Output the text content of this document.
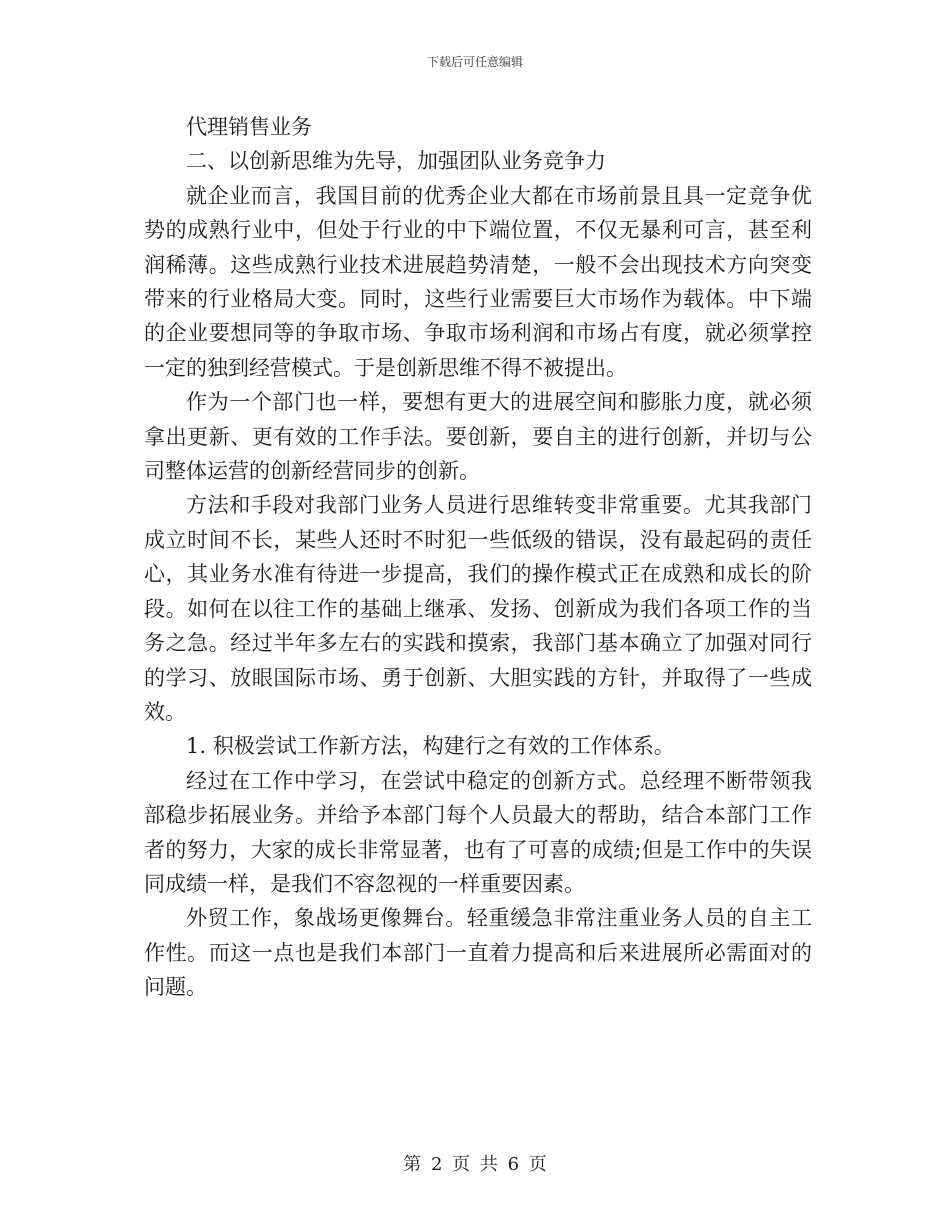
下载后可任意编辑

代理销售业务

二、以创新思维为先导，加强团队业务竞争力

就企业而言，我国目前的优秀企业大都在市场前景且具一定竞争优势的成熟行业中，但处于行业的中下端位置，不仅无暴利可言，甚至利润稀薄。这些成熟行业技术进展趋势清楚，一般不会出现技术方向突变带来的行业格局大变。同时，这些行业需要巨大市场作为载体。中下端的企业要想同等的争取市场、争取市场利润和市场占有度，就必须掌控一定的独到经营模式。于是创新思维不得不被提出。

作为一个部门也一样，要想有更大的进展空间和膨胀力度，就必须拿出更新、更有效的工作手法。要创新，要自主的进行创新，并切与公司整体运营的创新经营同步的创新。

方法和手段对我部门业务人员进行思维转变非常重要。尤其我部门成立时间不长，某些人还时不时犯一些低级的错误，没有最起码的责任心，其业务水准有待进一步提高，我们的操作模式正在成熟和成长的阶段。如何在以往工作的基础上继承、发扬、创新成为我们各项工作的当务之急。经过半年多左右的实践和摸索，我部门基本确立了加强对同行的学习、放眼国际市场、勇于创新、大胆实践的方针，并取得了一些成效。

1. 积极尝试工作新方法，构建行之有效的工作体系。

经过在工作中学习，在尝试中稳定的创新方式。总经理不断带领我部稳步拓展业务。并给予本部门每个人员最大的帮助，结合本部门工作者的努力，大家的成长非常显著，也有了可喜的成绩;但是工作中的失误同成绩一样，是我们不容忽视的一样重要因素。

外贸工作，象战场更像舞台。轻重缓急非常注重业务人员的自主工作性。而这一点也是我们本部门一直着力提高和后来进展所必需面对的问题。

第 2 页 共 6 页
